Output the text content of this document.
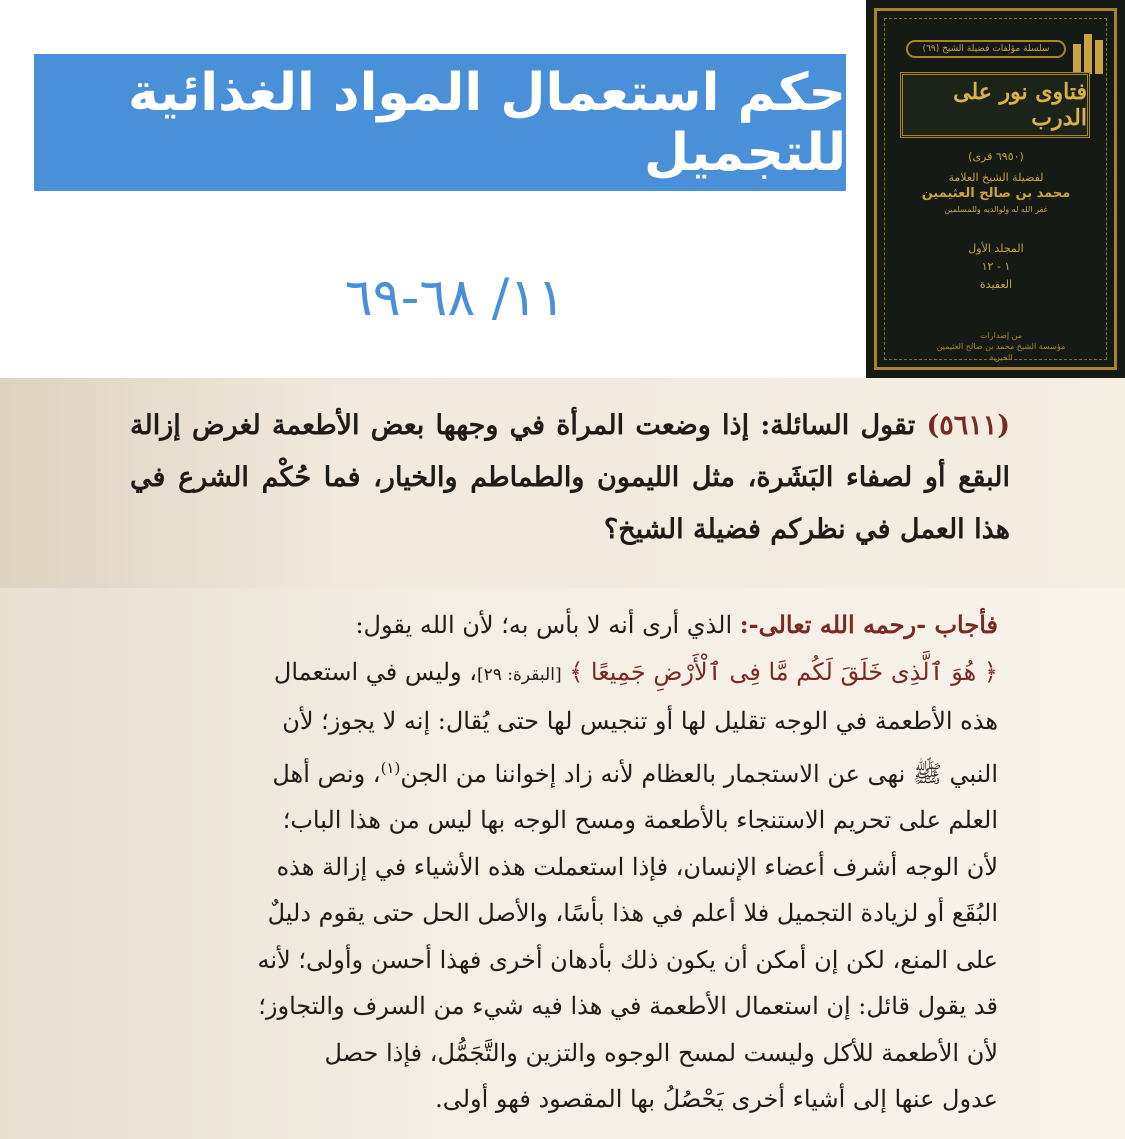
حكم استعمال المواد الغذائية للتجميل
١١/ ٦٨-٦٩
سلسلة مؤلفات فضيلة الشيخ (٦٩)
فتاوى نور على الدرب
(٦٩٥٠ قرى)
لفضيلة الشيخ العلامة
محمد بن صالح العثيمين
غفر الله له ولوالديه وللمسلمين
المجلد الأول
١ - ١٢
العقيدة
من إصدارات
مؤسسة الشيخ محمد بن صالح العثيمين الخيرية
(٥٦١١) تقول السائلة: إذا وضعت المرأة في وجهها بعض الأطعمة لغرض إزالة البقع أو لصفاء البَشَرة، مثل الليمون والطماطم والخيار، فما حُكْم الشرع في هذا العمل في نظركم فضيلة الشيخ؟
فأجاب -رحمه الله تعالى-: الذي أرى أنه لا بأس به؛ لأن الله يقول:
﴿ هُوَ ٱلَّذِى خَلَقَ لَكُم مَّا فِى ٱلْأَرْضِ جَمِيعًا ﴾ [البقرة: ٢٩]، وليس في استعمال
هذه الأطعمة في الوجه تقليل لها أو تنجيس لها حتى يُقال: إنه لا يجوز؛ لأن
النبي ﷺ نهى عن الاستجمار بالعظام لأنه زاد إخواننا من الجن$^{(١)}$، ونص أهل
العلم على تحريم الاستنجاء بالأطعمة ومسح الوجه بها ليس من هذا الباب؛
لأن الوجه أشرف أعضاء الإنسان، فإذا استعملت هذه الأشياء في إزالة هذه
البُقَع أو لزيادة التجميل فلا أعلم في هذا بأسًا، والأصل الحل حتى يقوم دليلٌ
على المنع، لكن إن أمكن أن يكون ذلك بأدهان أخرى فهذا أحسن وأولى؛ لأنه
قد يقول قائل: إن استعمال الأطعمة في هذا فيه شيء من السرف والتجاوز؛
لأن الأطعمة للأكل وليست لمسح الوجوه والتزين والتَّجَمُّل، فإذا حصل
عدول عنها إلى أشياء أخرى يَحْصُلُ بها المقصود فهو أولى.
